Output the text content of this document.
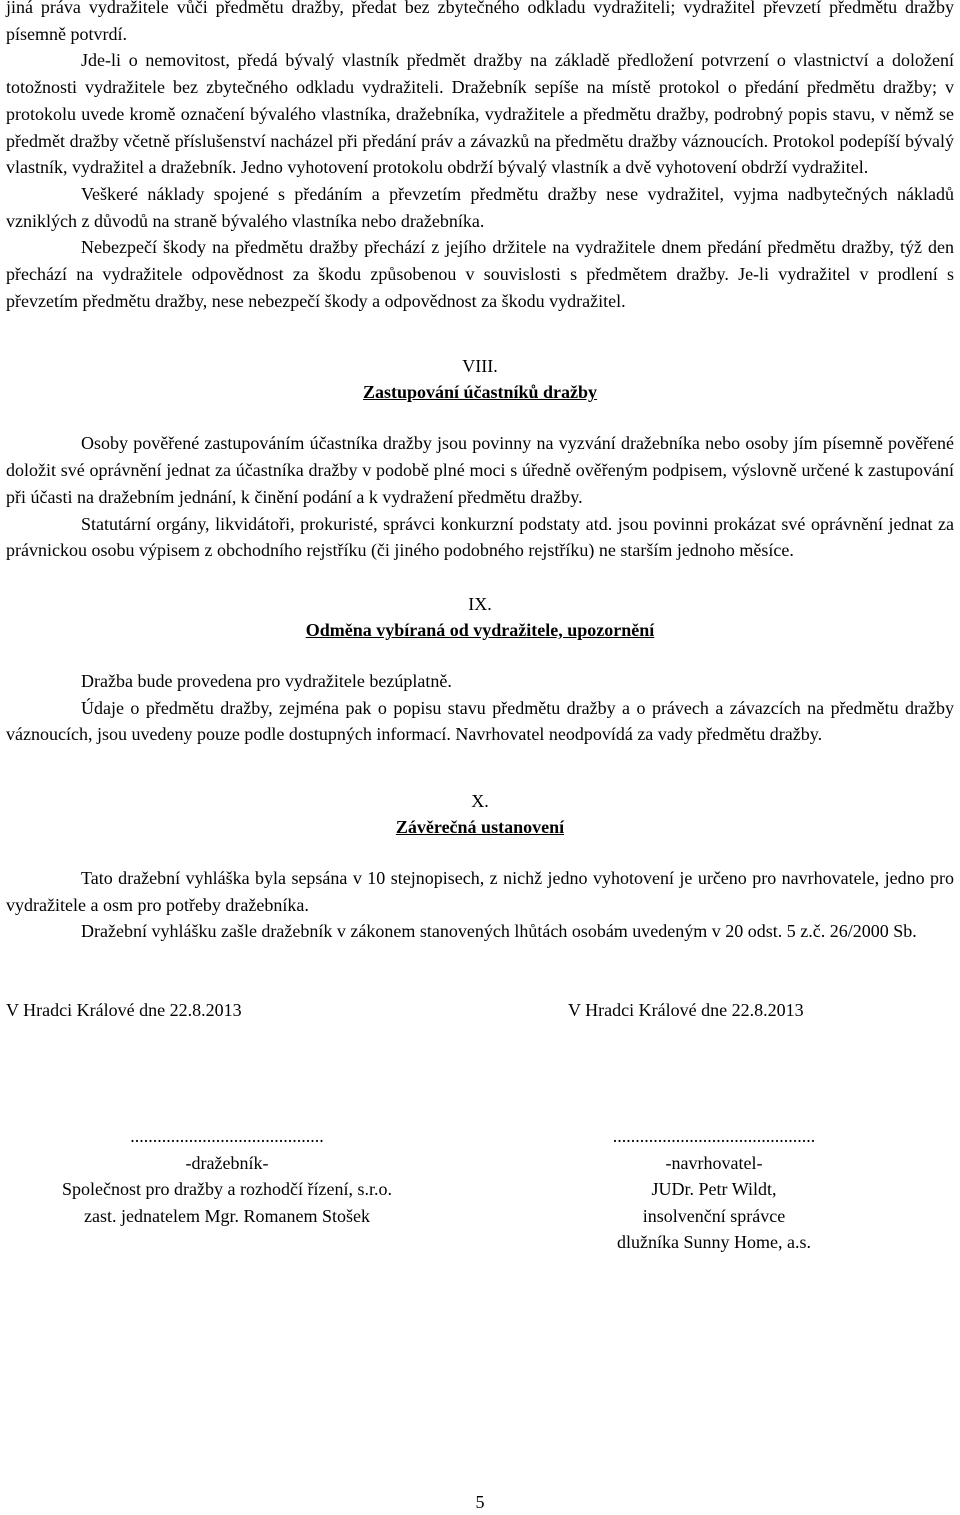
jiná práva vydražitele vůči předmětu dražby, předat bez zbytečného odkladu vydražiteli; vydražitel převzetí předmětu dražby písemně potvrdí.

Jde-li o nemovitost, předá bývalý vlastník předmět dražby na základě předložení potvrzení o vlastnictví a doložení totožnosti vydražitele bez zbytečného odkladu vydražiteli. Dražebník sepíše na místě protokol o předání předmětu dražby; v protokolu uvede kromě označení bývalého vlastníka, dražebníka, vydražitele a předmětu dražby, podrobný popis stavu, v němž se předmět dražby včetně příslušenství nacházel při předání práv a závazků na předmětu dražby váznoucích. Protokol podepíší bývalý vlastník, vydražitel a dražebník. Jedno vyhotovení protokolu obdrží bývalý vlastník a dvě vyhotovení obdrží vydražitel.

Veškeré náklady spojené s předáním a převzetím předmětu dražby nese vydražitel, vyjma nadbytečných nákladů vzniklých z důvodů na straně bývalého vlastníka nebo dražebníka.

Nebezpečí škody na předmětu dražby přechází z jejího držitele na vydražitele dnem předání předmětu dražby, týž den přechází na vydražitele odpovědnost za škodu způsobenou v souvislosti s předmětem dražby. Je-li vydražitel v prodlení s převzetím předmětu dražby, nese nebezpečí škody a odpovědnost za škodu vydražitel.

VIII.
Zastupování účastníků dražby

Osoby pověřené zastupováním účastníka dražby jsou povinny na vyzvání dražebníka nebo osoby jím písemně pověřené doložit své oprávnění jednat za účastníka dražby v podobě plné moci s úředně ověřeným podpisem, výslovně určené k zastupování při účasti na dražebním jednání, k činění podání a k vydražení předmětu dražby.

Statutární orgány, likvidátoři, prokuristé, správci konkurzní podstaty atd. jsou povinni prokázat své oprávnění jednat za právnickou osobu výpisem z obchodního rejstříku (či jiného podobného rejstříku) ne starším jednoho měsíce.

IX.
Odměna vybíraná od vydražitele, upozornění

Dražba bude provedena pro vydražitele bezúplatně.

Údaje o předmětu dražby, zejména pak o popisu stavu předmětu dražby a o právech a závazcích na předmětu dražby váznoucích, jsou uvedeny pouze podle dostupných informací. Navrhovatel neodpovídá za vady předmětu dražby.

X.
Závěrečná ustanovení

Tato dražební vyhláška byla sepsána v 10 stejnopisech, z nichž jedno vyhotovení je určeno pro navrhovatele, jedno pro vydražitele a osm pro potřeby dražebníka.

Dražební vyhlášku zašle dražebník v zákonem stanovených lhůtách osobám uvedeným v 20 odst. 5 z.č. 26/2000 Sb.

V Hradci Králové dne 22.8.2013	V Hradci Králové dne 22.8.2013
...........................................
-dražebník-
Společnost pro dražby a rozhodčí řízení, s.r.o.
zast. jednatelem Mgr. Romanem Stošek
.............................................
-navrhovatel-
JUDr. Petr Wildt,
insolvenční správce
dlužníka Sunny Home, a.s.
5
